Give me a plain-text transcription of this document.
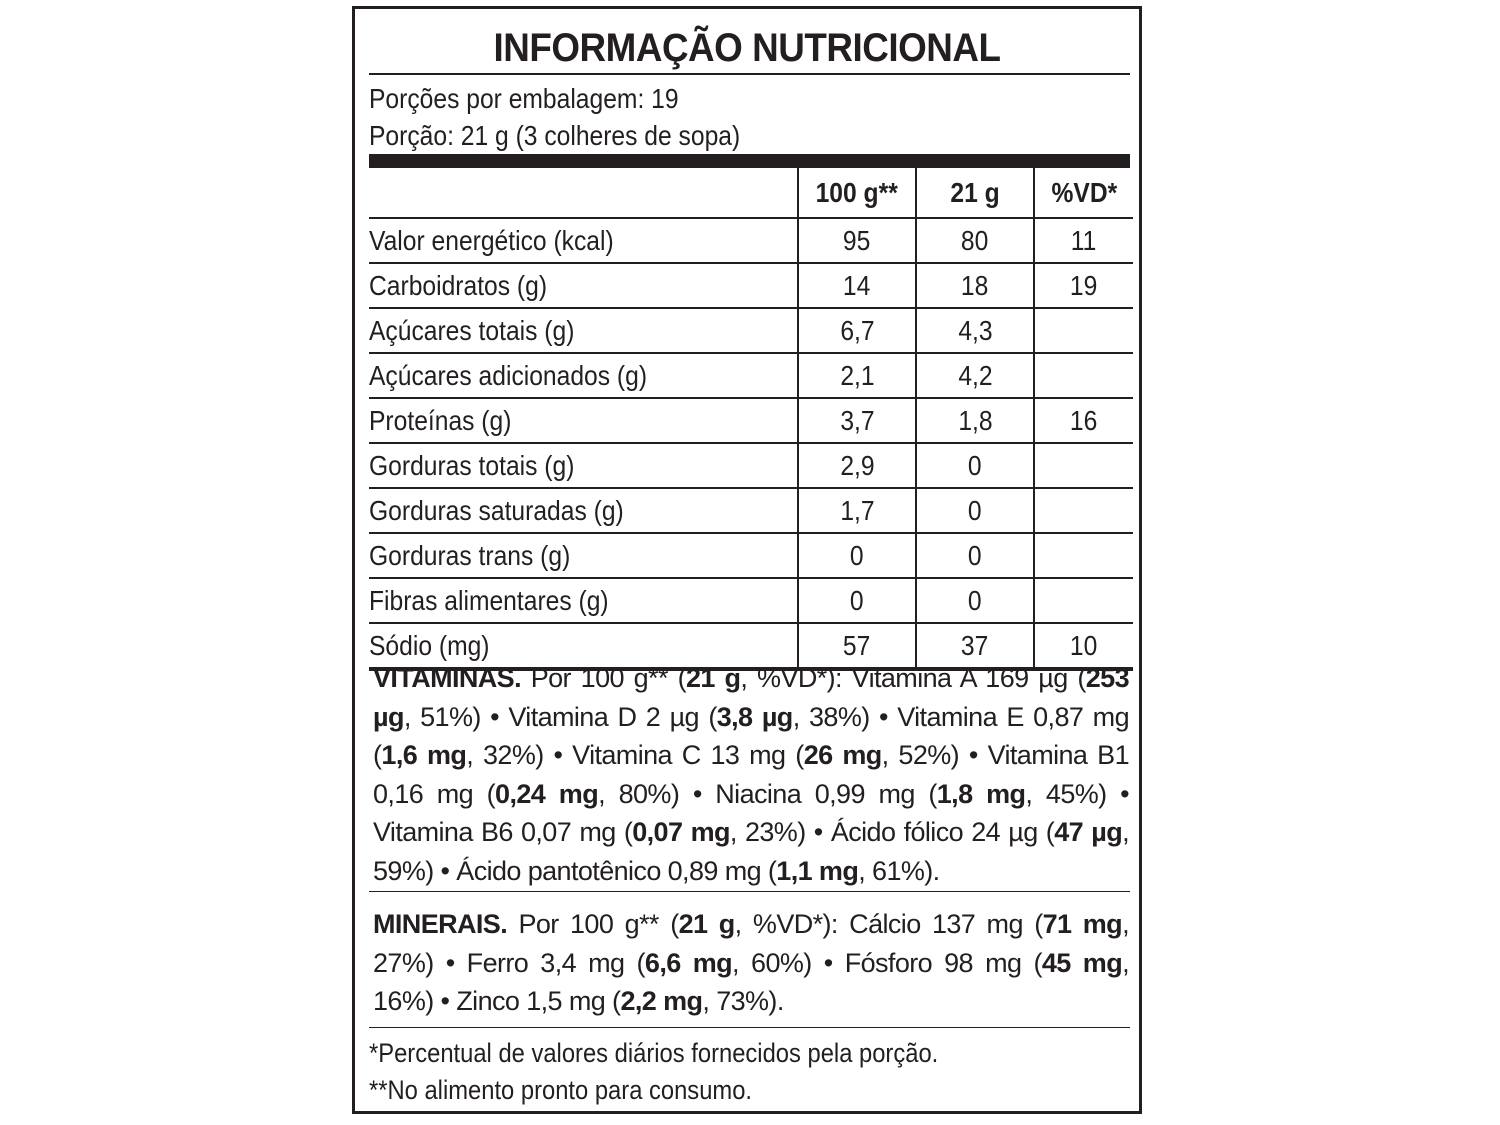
INFORMAÇÃO NUTRICIONAL
Porções por embalagem: 19
Porção: 21 g (3 colheres de sopa)
	100 g**	21 g	%VD*
Valor energético (kcal)	95	80	11
Carboidratos (g)	14	18	19
Açúcares totais (g)	6,7	4,3	
Açúcares adicionados (g)	2,1	4,2	
Proteínas (g)	3,7	1,8	16
Gorduras totais (g)	2,9	0	
Gorduras saturadas (g)	1,7	0	
Gorduras trans (g)	0	0	
Fibras alimentares (g)	0	0	
Sódio (mg)	57	37	10
VITAMINAS. Por 100 g** (21 g, %VD*): Vitamina A 169 µg (253 µg, 51%) • Vitamina D 2 µg (3,8 µg, 38%) • Vitamina E 0,87 mg (1,6 mg, 32%) • Vitamina C 13 mg (26 mg, 52%) • Vitamina B1 0,16 mg (0,24 mg, 80%) • Niacina 0,99 mg (1,8 mg, 45%) • Vitamina B6 0,07 mg (0,07 mg, 23%) • Ácido fólico 24 µg (47 µg, 59%) • Ácido pantotênico 0,89 mg (1,1 mg, 61%).
MINERAIS. Por 100 g** (21 g, %VD*): Cálcio 137 mg (71 mg, 27%) • Ferro 3,4 mg (6,6 mg, 60%) • Fósforo 98 mg (45 mg, 16%) • Zinco 1,5 mg (2,2 mg, 73%).
*Percentual de valores diários fornecidos pela porção.
**No alimento pronto para consumo.
